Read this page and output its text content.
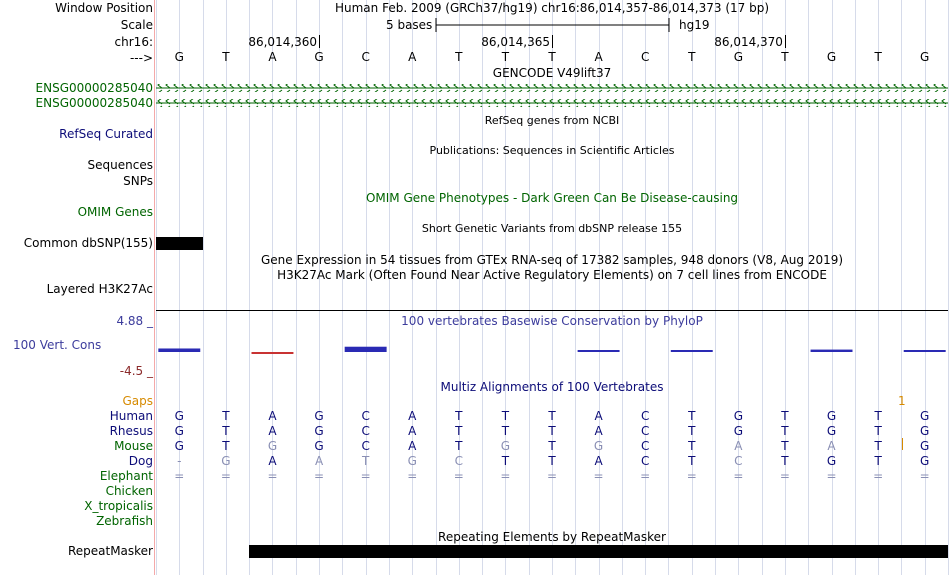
Window Position	Human Feb. 2009 (GRCh37/hg19) chr16:86,014,357-86,014,373 (17 bp)
Scale	5 bases	hg19
chr16:	86,014,360	86,014,365	86,014,370
--->	G	T	A	G	C	A	T	T	T	A	C	T	G	T	G	T	G
GENCODE V49lift37
ENSG00000285040
ENSG00000285040
RefSeq genes from NCBI
RefSeq Curated
Publications: Sequences in Scientific Articles
Sequences
SNPs
OMIM Gene Phenotypes - Dark Green Can Be Disease-causing
OMIM Genes
Short Genetic Variants from dbSNP release 155
Common dbSNP(155)
Gene Expression in 54 tissues from GTEx RNA-seq of 17382 samples, 948 donors (V8, Aug 2019)
H3K27Ac Mark (Often Found Near Active Regulatory Elements) on 7 cell lines from ENCODE
Layered H3K27Ac
100 vertebrates Basewise Conservation by PhyloP
4.88 _
100 Vert. Cons
-4.5 _
Multiz Alignments of 100 Vertebrates
Gaps	1
Human	G	T	A	G	C	A	T	T	T	A	C	T	G	T	G	T	G
Rhesus	G	T	A	G	C	A	T	T	T	A	C	T	G	T	G	T	G
Mouse	G	T	G	G	C	A	T	G	T	G	C	T	A	T	A	T	G
Dog	-	G	A	A	T	G	C	T	T	A	C	T	C	T	G	T	G
Elephant	=	=	=	=	=	=	=	=	=	=	=	=	=	=	=	=	=
Chicken
X_tropicalis
Zebrafish
Repeating Elements by RepeatMasker
RepeatMasker
